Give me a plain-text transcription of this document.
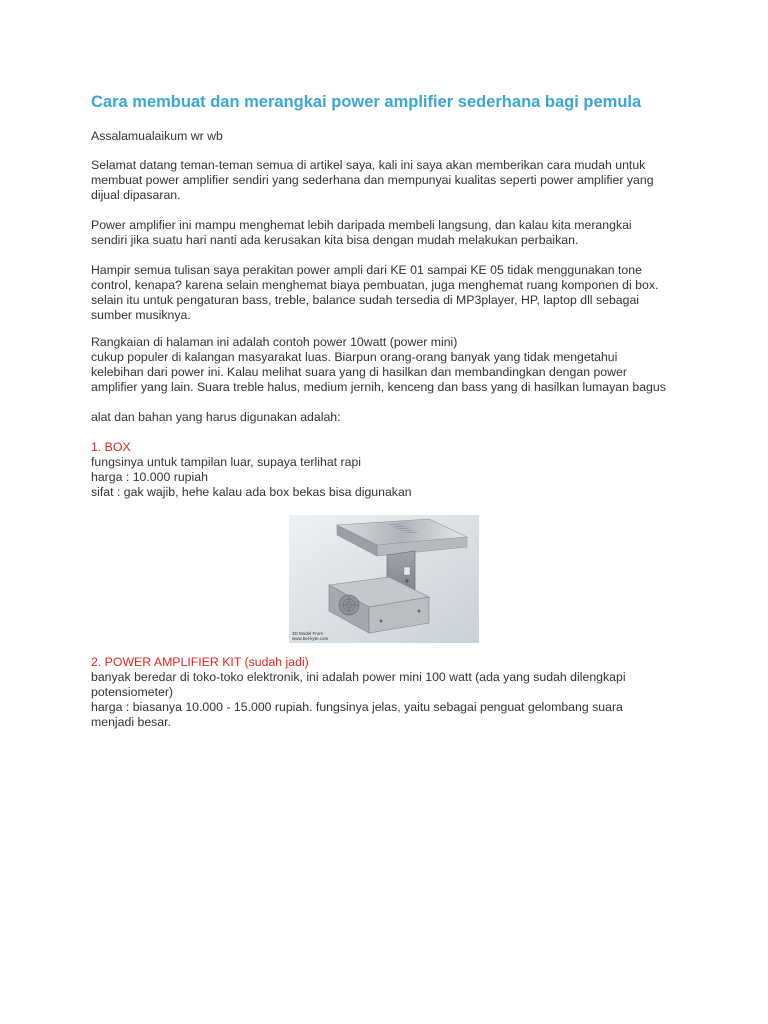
Cara membuat dan merangkai power amplifier sederhana bagi pemula

Assalamualaikum wr wb

Selamat datang teman-teman semua di artikel saya, kali ini saya akan memberikan cara mudah untuk
membuat power amplifier sendiri yang sederhana dan mempunyai kualitas seperti power amplifier yang
dijual dipasaran.

Power amplifier ini mampu menghemat lebih daripada membeli langsung, dan kalau kita merangkai
sendiri jika suatu hari nanti ada kerusakan kita bisa dengan mudah melakukan perbaikan.

Hampir semua tulisan saya perakitan power ampli dari KE 01 sampai KE 05 tidak menggunakan tone
control, kenapa? karena selain menghemat biaya pembuatan, juga menghemat ruang komponen di box.
selain itu untuk pengaturan bass, treble, balance sudah tersedia di MP3player, HP, laptop dll sebagai
sumber musiknya.

Rangkaian di halaman ini adalah contoh power 10watt (power mini)
cukup populer di kalangan masyarakat luas. Biarpun orang-orang banyak yang tidak mengetahui
kelebihan dari power ini. Kalau melihat suara yang di hasilkan dan membandingkan dengan power
amplifier yang lain. Suara treble halus, medium jernih, kenceng dan bass yang di hasilkan lumayan bagus

alat dan bahan yang harus digunakan adalah:

1. BOX
fungsinya untuk tampilan luar, supaya terlihat rapi
harga : 10.000 rupiah
sifat : gak wajib, hehe kalau ada box bekas bisa digunakan

3D Model From
www.bel-kyte.com

2. POWER AMPLIFIER KIT (sudah jadi)
banyak beredar di toko-toko elektronik, ini adalah power mini 100 watt (ada yang sudah dilengkapi
potensiometer)
harga : biasanya 10.000 - 15.000 rupiah. fungsinya jelas, yaitu sebagai penguat gelombang suara
menjadi besar.
